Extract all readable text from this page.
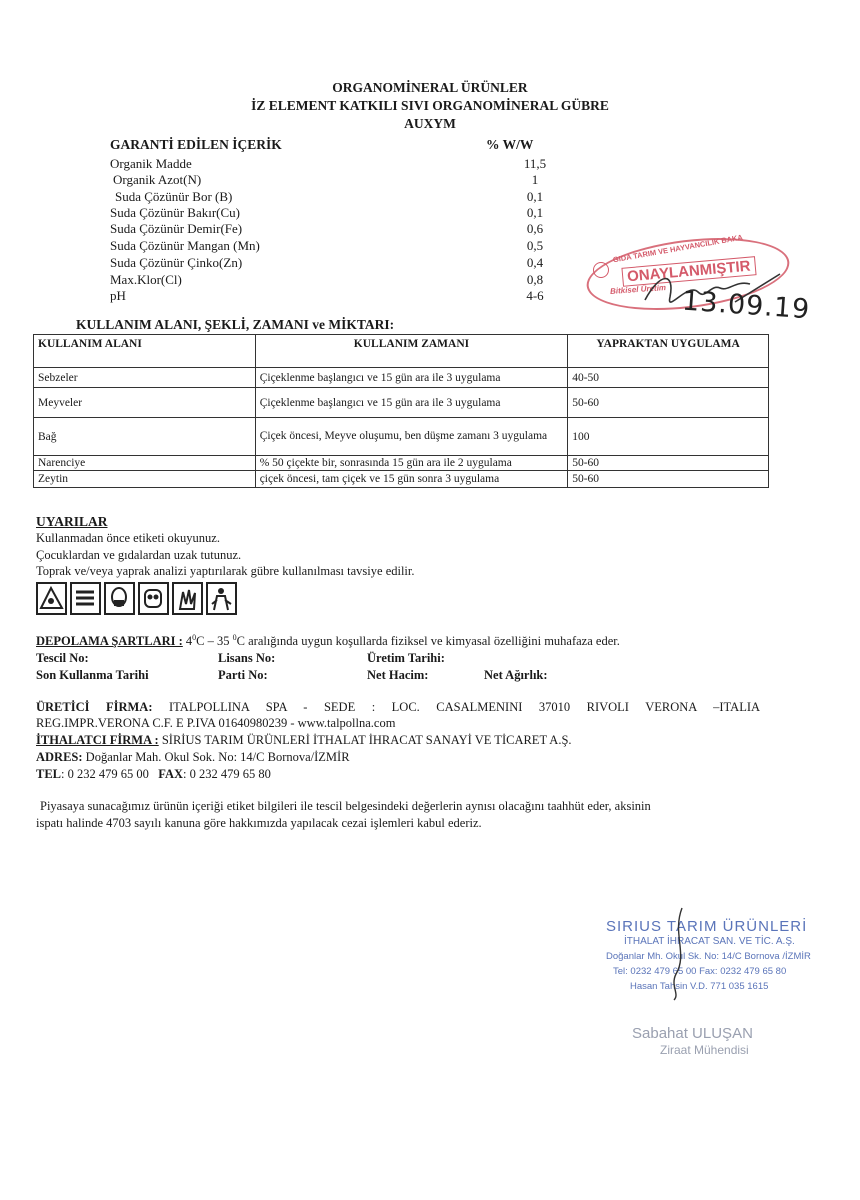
ORGANOMİNERAL ÜRÜNLER
İZ ELEMENT KATKILI SIVI ORGANOMİNERAL GÜBRE
AUXYM
GARANTİ EDİLEN İÇERİK	% W/W
Organik Madde	11,5
Organik Azot(N)	1
Suda Çözünür Bor (B)	0,1
Suda Çözünür Bakır(Cu)	0,1
Suda Çözünür Demir(Fe)	0,6
Suda Çözünür Mangan (Mn)	0,5
Suda Çözünür Çinko(Zn)	0,4
Max.Klor(Cl)	0,8
pH	4-6
GIDA TARIM VE HAYVANCILIK BAKA
ONAYLANMIŞTIR
Bitkisel Üretim 13.09.19
KULLANIM ALANI, ŞEKLİ, ZAMANI ve MİKTARI:
KULLANIM ALANI	KULLANIM ZAMANI	YAPRAKTAN UYGULAMA
Sebzeler	Çiçeklenme başlangıcı ve 15 gün ara ile 3 uygulama	40-50
Meyveler	Çiçeklenme başlangıcı ve 15 gün ara ile 3 uygulama	50-60
Bağ	Çiçek öncesi, Meyve oluşumu, ben düşme zamanı 3 uygulama	100
Narenciye	% 50 çiçekte bir, sonrasında 15 gün ara ile 2 uygulama	50-60
Zeytin	çiçek öncesi, tam çiçek ve 15 gün sonra 3 uygulama	50-60
UYARILAR
Kullanmadan önce etiketi okuyunuz.
Çocuklardan ve gıdalardan uzak tutunuz.
Toprak ve/veya yaprak analizi yaptırılarak gübre kullanılması tavsiye edilir.
DEPOLAMA ŞARTLARI : $4^0C - 35$ $^0$C aralığında uygun koşullarda fiziksel ve kimyasal özelliğini muhafaza eder.
Tescil No:	Lisans No:	Üretim Tarihi:
Son Kullanma Tarihi	Parti No:	Net Hacim:	Net Ağırlık:
ÜRETİCİ FİRMA: ITALPOLLINA SPA - SEDE : LOC. CASALMENINI 37010 RIVOLI VERONA –ITALIA
REG.IMPR.VERONA C.F. E P.IVA 01640980239 - www.talpollna.com
İTHALATCI FİRMA : SİRİUS TARIM ÜRÜNLERİ İTHALAT İHRACAT SANAYİ VE TİCARET A.Ş.
ADRES: Doğanlar Mah. Okul Sok. No: 14/C Bornova/İZMİR
TEL: 0 232 479 65 00 FAX: 0 232 479 65 80
Piyasaya sunacağımız ürünün içeriği etiket bilgileri ile tescil belgesindeki değerlerin aynısı olacağını taahhüt eder, aksinin
ispatı halinde 4703 sayılı kanuna göre hakkımızda yapılacak cezai işlemleri kabul ederiz.
SIRIUS TARIM ÜRÜNLERİ
İTHALAT İHRACAT SAN. VE TİC. A.Ş.
Doğanlar Mh. Okul Sk. No: 14/C Bornova /İZMİR
Tel: 0232 479 65 00 Fax: 0232 479 65 80
Hasan Tahsin V.D. 771 035 1615
Sabahat ULUŞAN
Ziraat Mühendisi
